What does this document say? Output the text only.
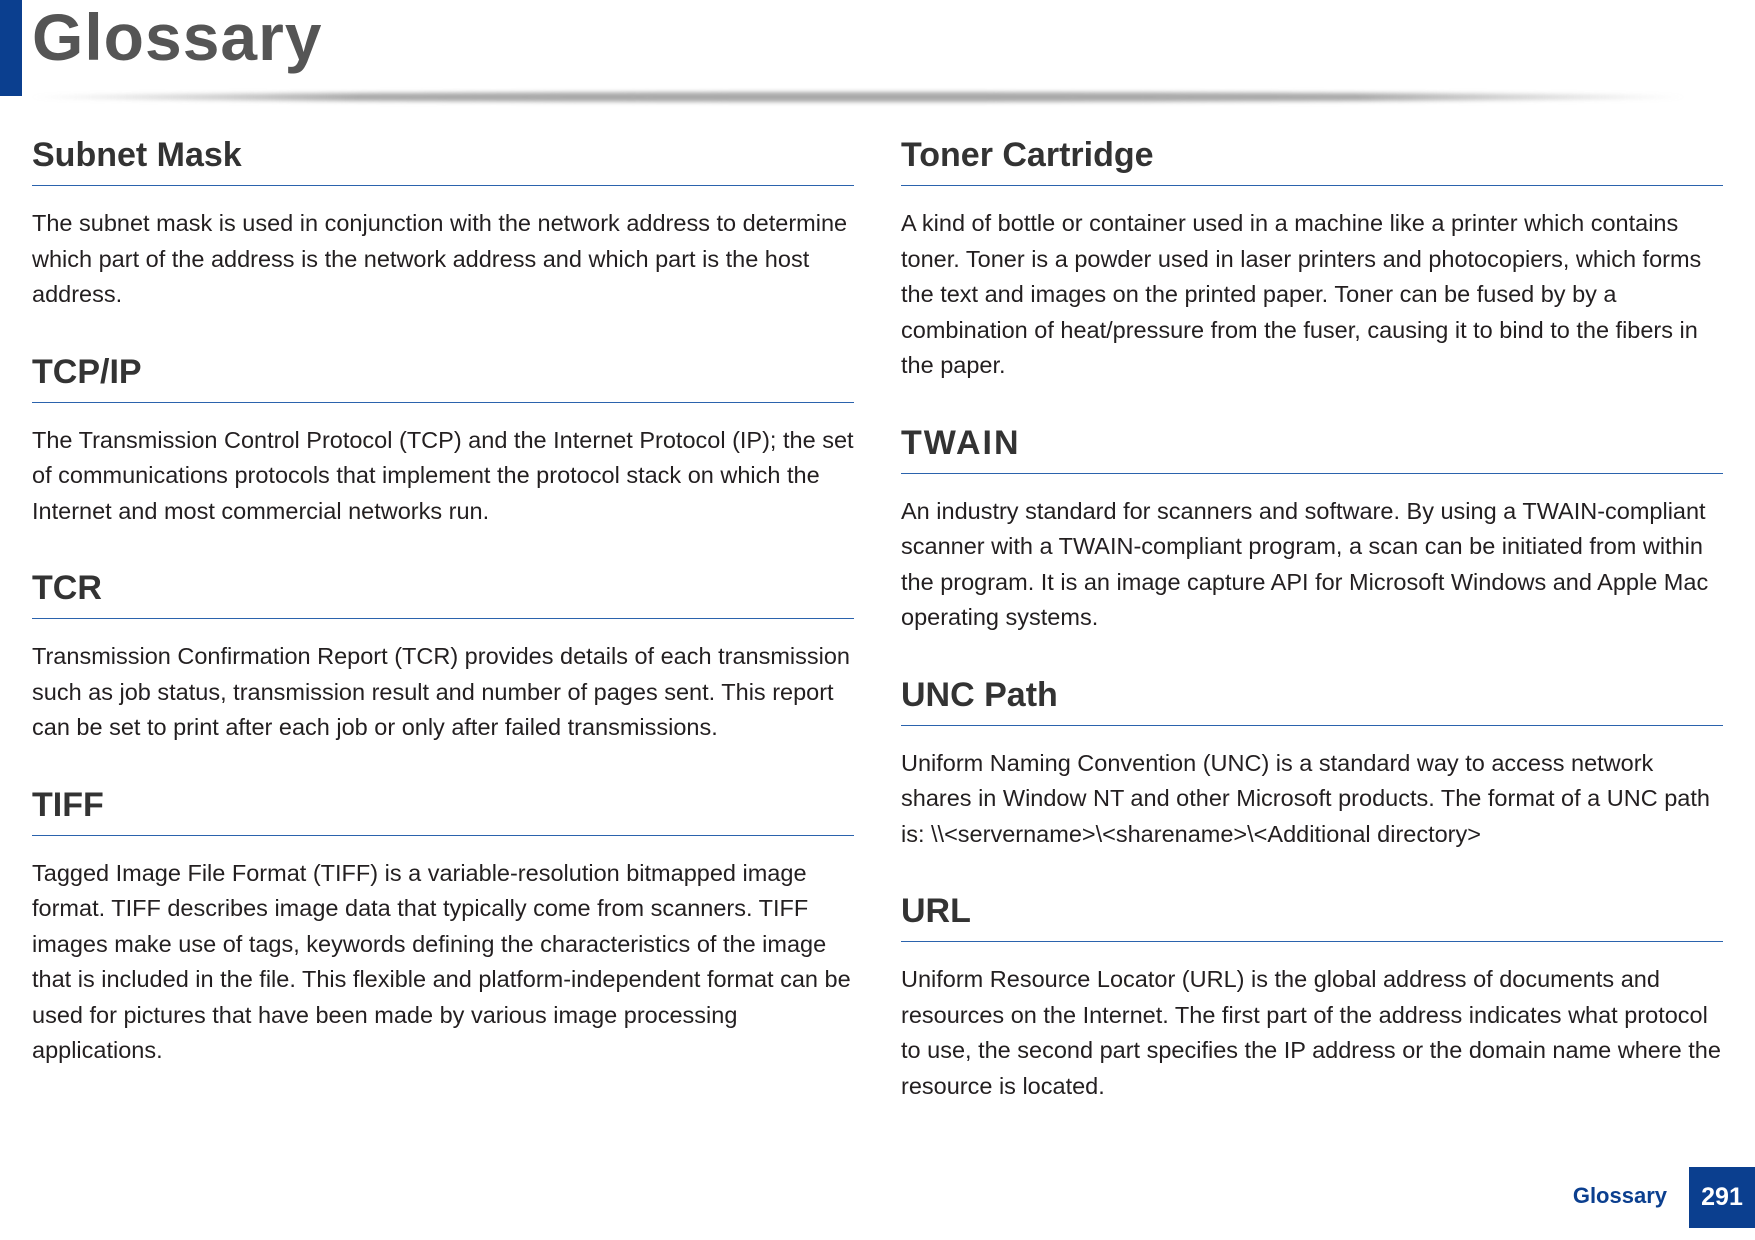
Glossary
Subnet Mask

The subnet mask is used in conjunction with the network address to determine which part of the address is the network address and which part is the host address.

TCP/IP

The Transmission Control Protocol (TCP) and the Internet Protocol (IP); the set of communications protocols that implement the protocol stack on which the Internet and most commercial networks run.

TCR

Transmission Confirmation Report (TCR) provides details of each transmission such as job status, transmission result and number of pages sent. This report can be set to print after each job or only after failed transmissions.

TIFF

Tagged Image File Format (TIFF) is a variable-resolution bitmapped image format. TIFF describes image data that typically come from scanners. TIFF images make use of tags, keywords defining the characteristics of the image that is included in the file. This flexible and platform-independent format can be used for pictures that have been made by various image processing applications.

Toner Cartridge

A kind of bottle or container used in a machine like a printer which contains toner. Toner is a powder used in laser printers and photocopiers, which forms the text and images on the printed paper. Toner can be fused by by a combination of heat/pressure from the fuser, causing it to bind to the fibers in the paper.

TWAIN

An industry standard for scanners and software. By using a TWAIN-compliant scanner with a TWAIN-compliant program, a scan can be initiated from within the program. It is an image capture API for Microsoft Windows and Apple Mac operating systems.

UNC Path

Uniform Naming Convention (UNC) is a standard way to access network shares in Window NT and other Microsoft products. The format of a UNC path is: \\<servername>\<sharename>\<Additional directory>

URL

Uniform Resource Locator (URL) is the global address of documents and resources on the Internet. The first part of the address indicates what protocol to use, the second part specifies the IP address or the domain name where the resource is located.

Glossary	291
